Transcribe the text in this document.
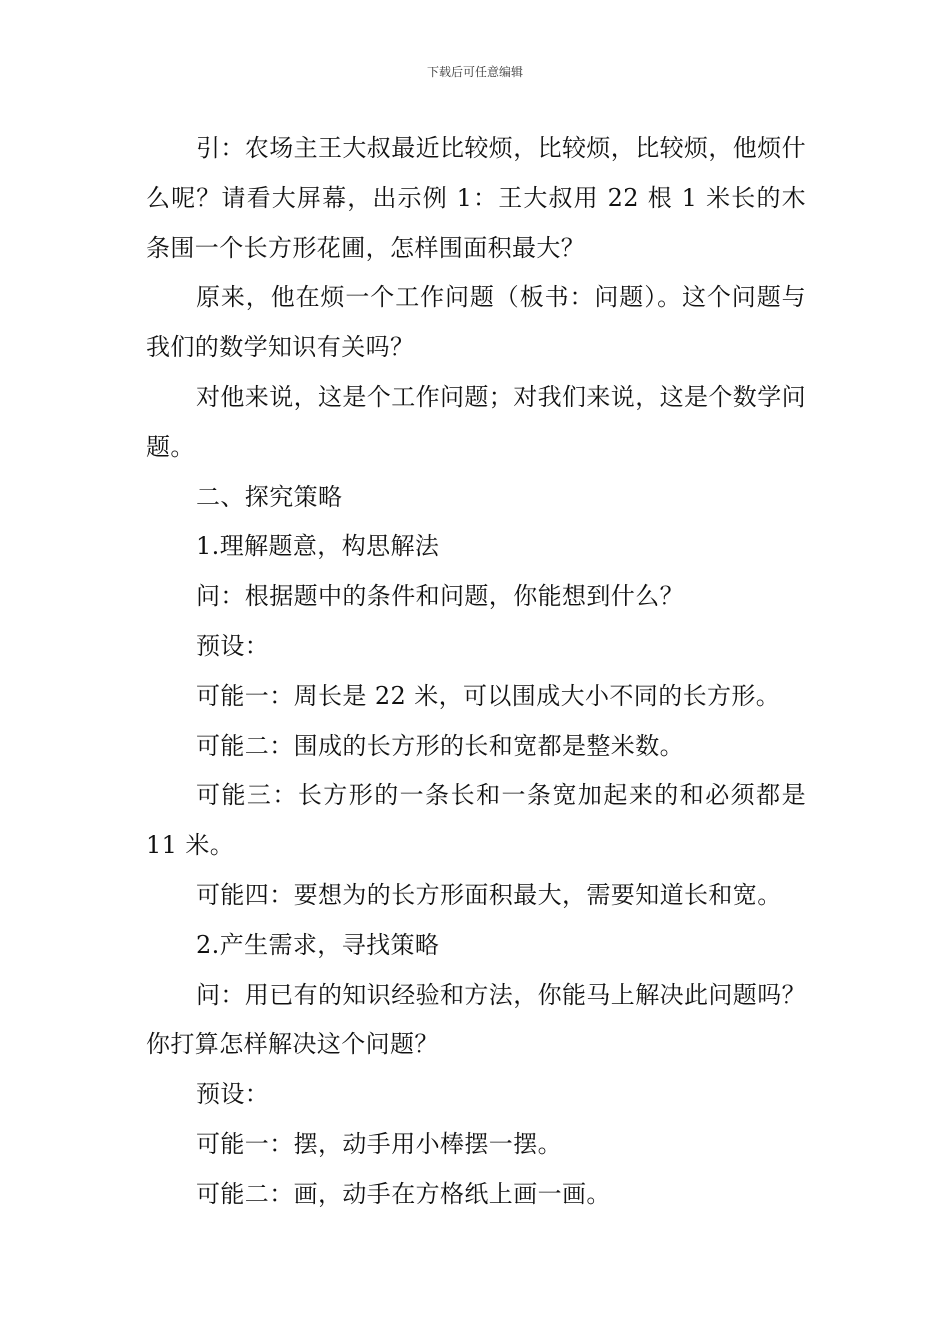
下载后可任意编辑

引：农场主王大叔最近比较烦，比较烦，比较烦，他烦什么呢？请看大屏幕，出示例 1：王大叔用 22 根 1 米长的木条围一个长方形花圃，怎样围面积最大？

原来，他在烦一个工作问题（板书：问题）。这个问题与我们的数学知识有关吗？

对他来说，这是个工作问题；对我们来说，这是个数学问题。

二、探究策略

1.理解题意，构思解法

问：根据题中的条件和问题，你能想到什么？

预设：

可能一：周长是 22 米，可以围成大小不同的长方形。

可能二：围成的长方形的长和宽都是整米数。

可能三：长方形的一条长和一条宽加起来的和必须都是 11 米。

可能四：要想为的长方形面积最大，需要知道长和宽。

2.产生需求，寻找策略

问：用已有的知识经验和方法，你能马上解决此问题吗？你打算怎样解决这个问题？

预设：

可能一：摆，动手用小棒摆一摆。

可能二：画，动手在方格纸上画一画。
